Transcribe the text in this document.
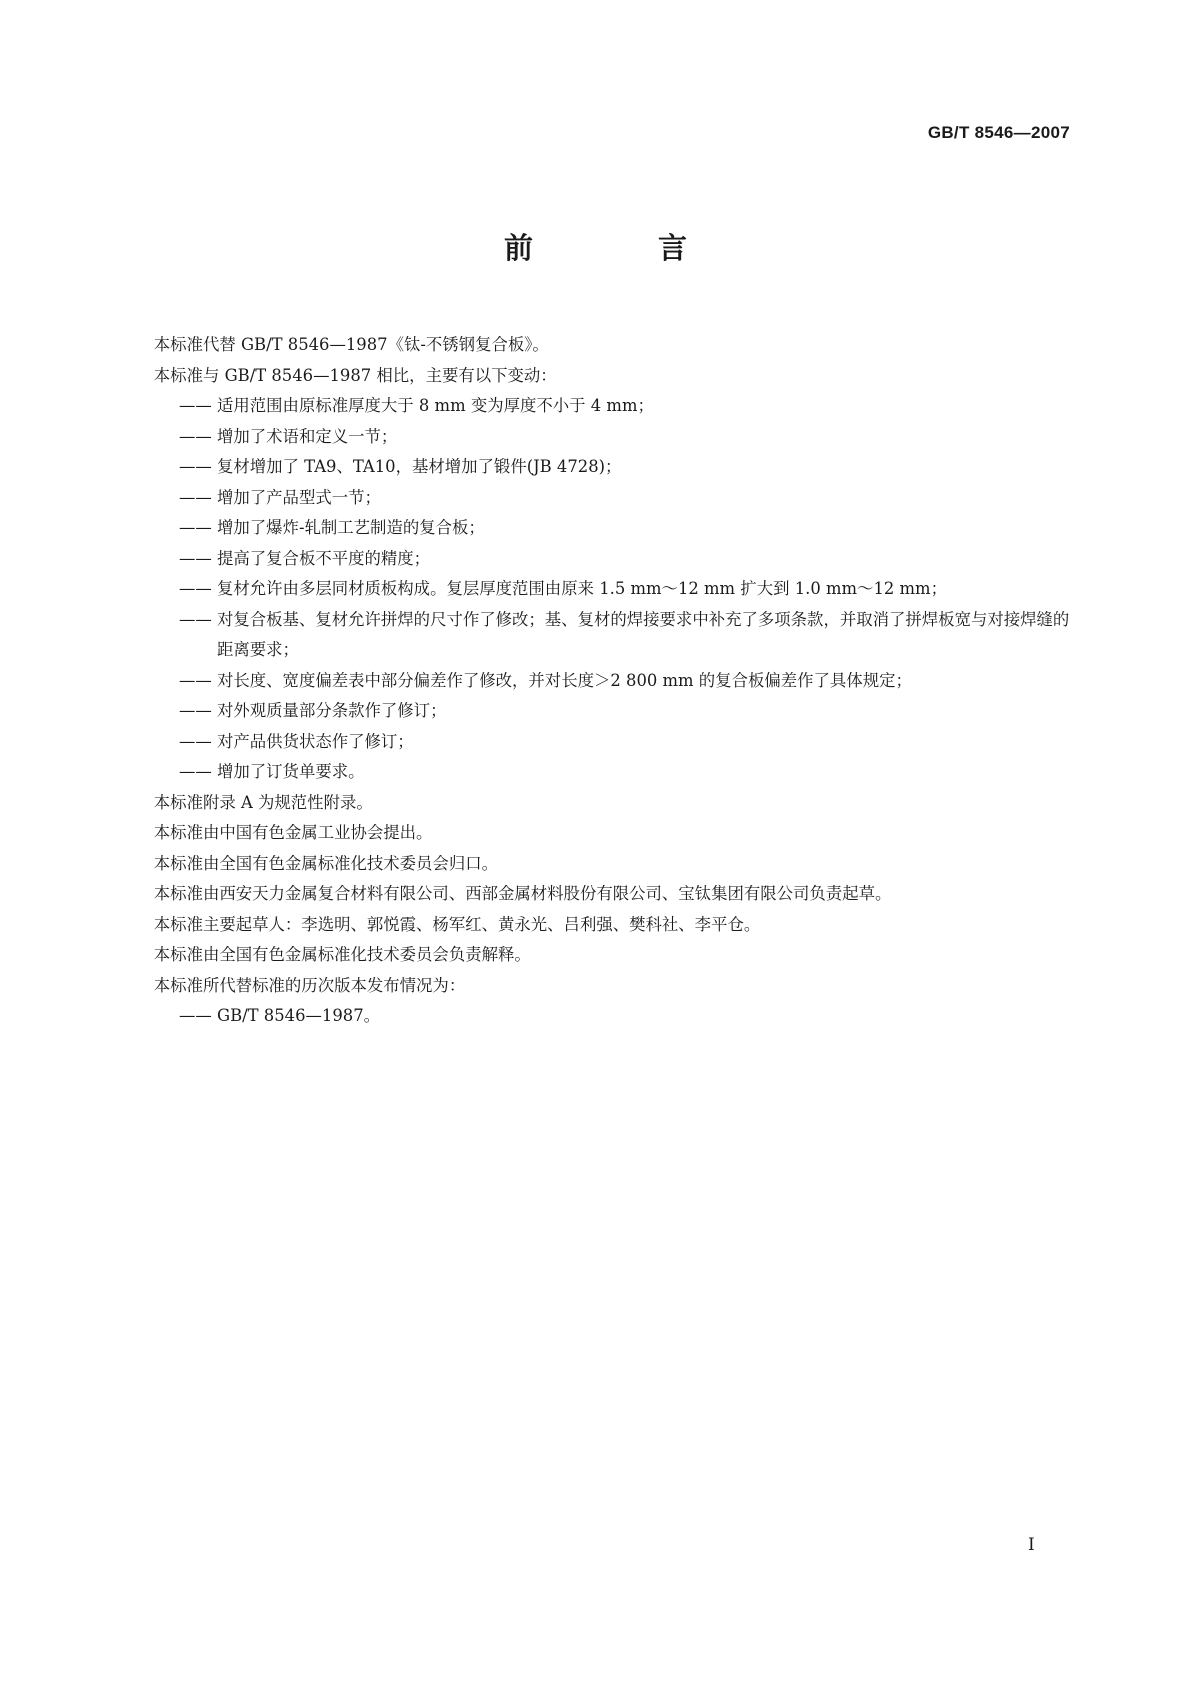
GB/T 8546—2007
前　言

本标准代替 GB/T 8546—1987《钛-不锈钢复合板》。

本标准与 GB/T 8546—1987 相比，主要有以下变动：

—— 适用范围由原标准厚度大于 8 mm 变为厚度不小于 4 mm；

—— 增加了术语和定义一节；

—— 复材增加了 TA9、TA10，基材增加了锻件(JB 4728)；

—— 增加了产品型式一节；

—— 增加了爆炸-轧制工艺制造的复合板；

—— 提高了复合板不平度的精度；

—— 复材允许由多层同材质板构成。复层厚度范围由原来 1.5 mm～12 mm 扩大到 1.0 mm～12 mm；

—— 对复合板基、复材允许拼焊的尺寸作了修改；基、复材的焊接要求中补充了多项条款，并取消了拼焊板宽与对接焊缝的距离要求；

—— 对长度、宽度偏差表中部分偏差作了修改，并对长度＞2 800 mm 的复合板偏差作了具体规定；

—— 对外观质量部分条款作了修订；

—— 对产品供货状态作了修订；

—— 增加了订货单要求。

本标准附录 A 为规范性附录。

本标准由中国有色金属工业协会提出。

本标准由全国有色金属标准化技术委员会归口。

本标准由西安天力金属复合材料有限公司、西部金属材料股份有限公司、宝钛集团有限公司负责起草。

本标准主要起草人：李选明、郭悦霞、杨军红、黄永光、吕利强、樊科社、李平仓。

本标准由全国有色金属标准化技术委员会负责解释。

本标准所代替标准的历次版本发布情况为：

—— GB/T 8546—1987。

Ⅰ
